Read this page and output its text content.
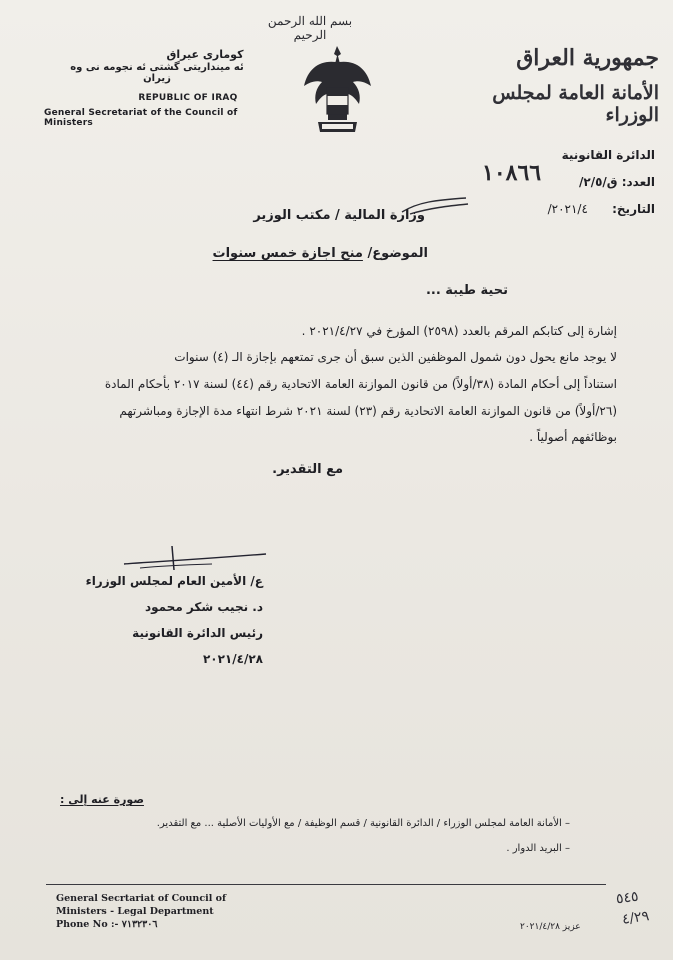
بسم الله الرحمن الرحيم
جمهورية العراق
الأمانة العامة لمجلس الوزراء
كومارى عيراق
ئه مینداریتى گشتى ئه نجومه نى وه زیران
REPUBLIC OF IRAQ
General Secretariat of the Council of Ministers
الدائرة القانونية
العدد: ق/٢/٥/
التاريخ: ٢٠٢١/٤/
١٠٨٦٦
وزارة المالية / مكتب الوزير
الموضوع/ منح اجازة خمس سنوات
تحية طيبة ...
إشارة إلى كتابكم المرقم بالعدد (٢٥٩٨) المؤرخ في ٢٠٢١/٤/٢٧ .
لا يوجد مانع يحول دون شمول الموظفين الذين سبق أن جرى تمتعهم بإجازة الـ (٤) سنوات
استناداً إلى أحكام المادة (٣٨/أولاً) من قانون الموازنة العامة الاتحادية رقم (٤٤) لسنة ٢٠١٧ بأحكام المادة
(٢٦/أولاً) من قانون الموازنة العامة الاتحادية رقم (٢٣) لسنة ٢٠٢١ شرط انتهاء مدة الإجازة ومباشرتهم
بوظائفهم أصولياً .
مع التقدير.
ع/ الأمين العام لمجلس الوزراء
د. نجيب شكر محمود
رئيس الدائرة القانونية
٢٠٢١/٤/٢٨
صورة عنه إلى :
– الأمانة العامة لمجلس الوزراء / الدائرة القانونية / قسم الوظيفة / مع الأوليات الأصلية ... مع التقدير.
– البريد الدوار .
General Secrtariat of Council of
Ministers - Legal Department
Phone No :- ٧١٣٢٣٠٦	عزيز ٢٠٢١/٤/٢٨
٥٤٥
٤/٢٩
